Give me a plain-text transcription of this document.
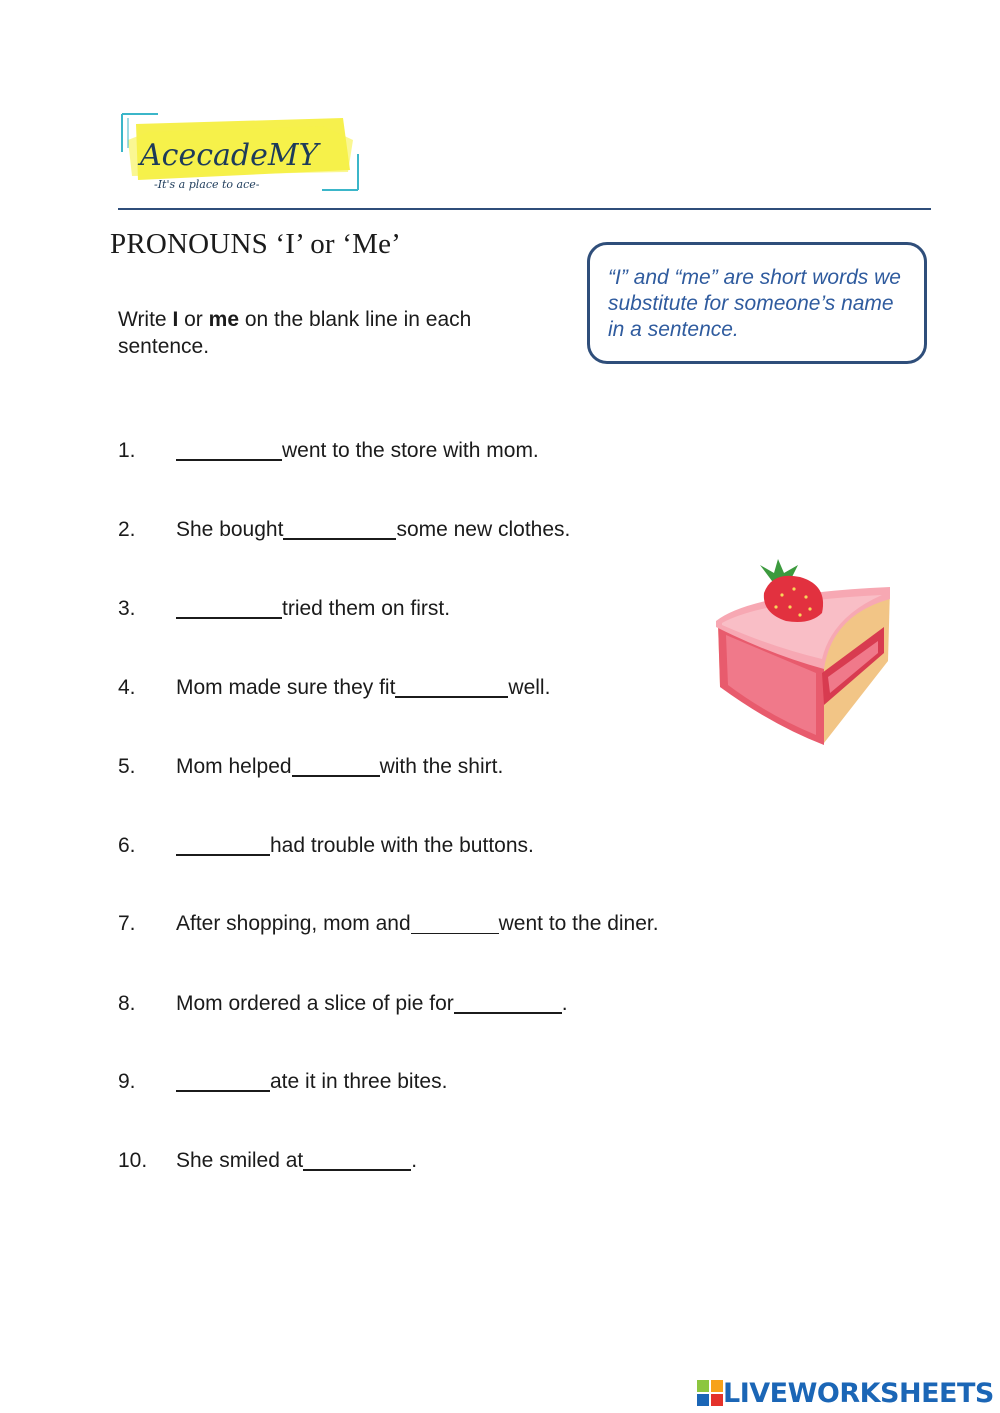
AcecadeMY
-It's a place to ace-
PRONOUNS ‘I’ or ‘Me’
Write I or me on the blank line in each sentence.

“I” and “me” are short words we substitute for someone’s name in a sentence.

1.	went to the store with mom.
2. She bought	some new clothes.
3.	tried them on first.
4. Mom made sure they fit	well.
5. Mom helped	with the shirt.
6.	had trouble with the buttons.
7. After shopping, mom and	went to the diner.
8. Mom ordered a slice of pie for	.
9.	ate it in three bites.
10. She smiled at	.
LIVEWORKSHEETS
